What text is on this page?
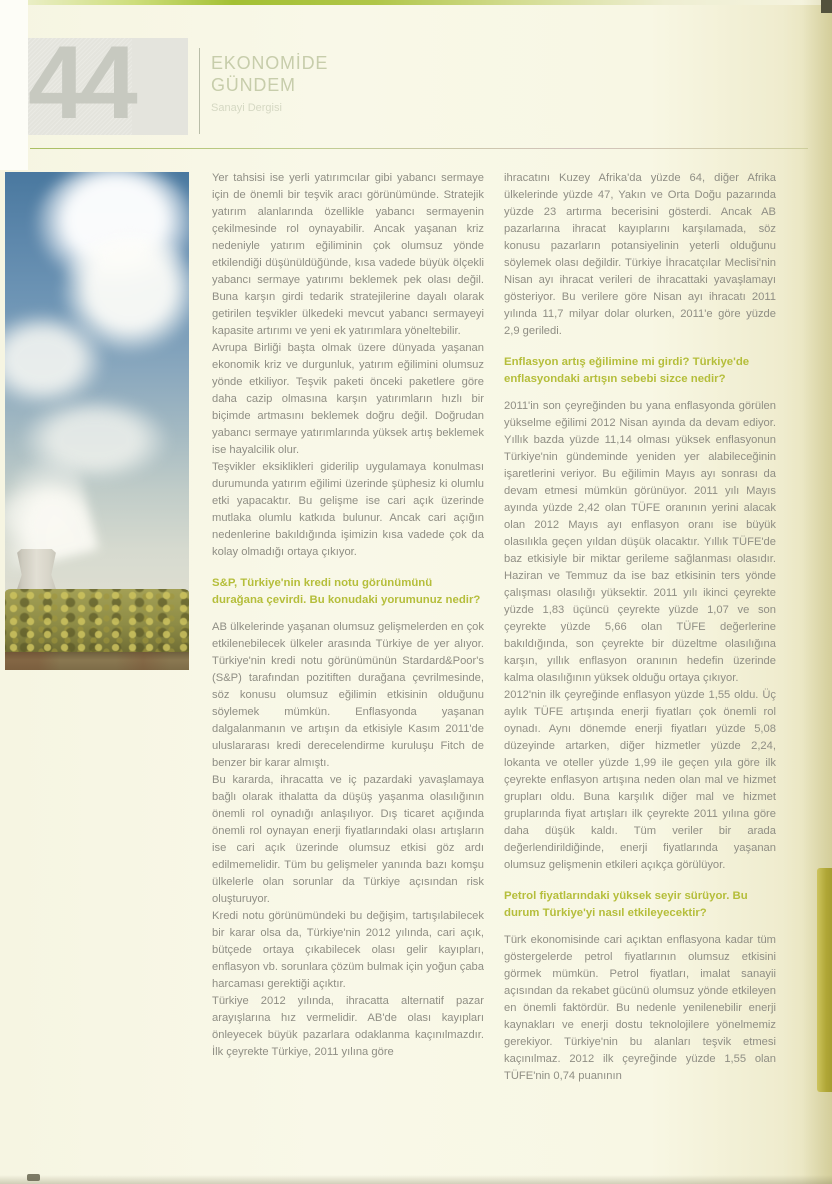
44	EKONOMİDE
GÜNDEM
Sanayi Dergisi

Yer tahsisi ise yerli yatırımcılar gibi yabancı sermaye için de önemli bir teşvik aracı görünümünde. Stratejik yatırım alanlarında özellikle yabancı sermayenin çekilmesinde rol oynayabilir. Ancak yaşanan kriz nedeniyle yatırım eğiliminin çok olumsuz yönde etkilendiği düşünüldüğünde, kısa vadede büyük ölçekli yabancı sermaye yatırımı beklemek pek olası değil. Buna karşın girdi tedarik stratejilerine dayalı olarak getirilen teşvikler ülkedeki mevcut yabancı sermayeyi kapasite artırımı ve yeni ek yatırımlara yöneltebilir.

Avrupa Birliği başta olmak üzere dünyada yaşanan ekonomik kriz ve durgunluk, yatırım eğilimini olumsuz yönde etkiliyor. Teşvik paketi önceki paketlere göre daha cazip olmasına karşın yatırımların hızlı bir biçimde artmasını beklemek doğru değil. Doğrudan yabancı sermaye yatırımlarında yüksek artış beklemek ise hayalcilik olur.

Teşvikler eksiklikleri giderilip uygulamaya konulması durumunda yatırım eğilimi üzerinde şüphesiz ki olumlu etki yapacaktır. Bu gelişme ise cari açık üzerinde mutlaka olumlu katkıda bulunur. Ancak cari açığın nedenlerine bakıldığında işimizin kısa vadede çok da kolay olmadığı ortaya çıkıyor.

S&P, Türkiye'nin kredi notu görünümünü durağana çevirdi. Bu konudaki yorumunuz nedir?

AB ülkelerinde yaşanan olumsuz gelişmelerden en çok etkilenebilecek ülkeler arasında Türkiye de yer alıyor. Türkiye'nin kredi notu görünümünün Stardard&Poor's (S&P) tarafından pozitiften durağana çevrilmesinde, söz konusu olumsuz eğilimin etkisinin olduğunu söylemek mümkün. Enflasyonda yaşanan dalgalanmanın ve artışın da etkisiyle Kasım 2011'de uluslararası kredi derecelendirme kuruluşu Fitch de benzer bir karar almıştı.

Bu kararda, ihracatta ve iç pazardaki yavaşlamaya bağlı olarak ithalatta da düşüş yaşanma olasılığının önemli rol oynadığı anlaşılıyor. Dış ticaret açığında önemli rol oynayan enerji fiyatlarındaki olası artışların ise cari açık üzerinde olumsuz etkisi göz ardı edilmemelidir. Tüm bu gelişmeler yanında bazı komşu ülkelerle olan sorunlar da Türkiye açısından risk oluşturuyor.

Kredi notu görünümündeki bu değişim, tartışılabilecek bir karar olsa da, Türkiye'nin 2012 yılında, cari açık, bütçede ortaya çıkabilecek olası gelir kayıpları, enflasyon vb. sorunlara çözüm bulmak için yoğun çaba harcaması gerektiği açıktır.

Türkiye 2012 yılında, ihracatta alternatif pazar arayışlarına hız vermelidir. AB'de olası kayıpları önleyecek büyük pazarlara odaklanma kaçınılmazdır. İlk çeyrekte Türkiye, 2011 yılına göre

ihracatını Kuzey Afrika'da yüzde 64, diğer Afrika ülkelerinde yüzde 47, Yakın ve Orta Doğu pazarında yüzde 23 artırma becerisini gösterdi. Ancak AB pazarlarına ihracat kayıplarını karşılamada, söz konusu pazarların potansiyelinin yeterli olduğunu söylemek olası değildir. Türkiye İhracatçılar Meclisi'nin Nisan ayı ihracat verileri de ihracattaki yavaşlamayı gösteriyor. Bu verilere göre Nisan ayı ihracatı 2011 yılında 11,7 milyar dolar olurken, 2011'e göre yüzde 2,9 geriledi.

Enflasyon artış eğilimine mi girdi? Türkiye'de enflasyondaki artışın sebebi sizce nedir?

2011'in son çeyreğinden bu yana enflasyonda görülen yükselme eğilimi 2012 Nisan ayında da devam ediyor. Yıllık bazda yüzde 11,14 olması yüksek enflasyonun Türkiye'nin gündeminde yeniden yer alabileceğinin işaretlerini veriyor. Bu eğilimin Mayıs ayı sonrası da devam etmesi mümkün görünüyor. 2011 yılı Mayıs ayında yüzde 2,42 olan TÜFE oranının yerini alacak olan 2012 Mayıs ayı enflasyon oranı ise büyük olasılıkla geçen yıldan düşük olacaktır. Yıllık TÜFE'de baz etkisiyle bir miktar gerileme sağlanması olasıdır. Haziran ve Temmuz da ise baz etkisinin ters yönde çalışması olasılığı yüksektir. 2011 yılı ikinci çeyrekte yüzde 1,83 üçüncü çeyrekte yüzde 1,07 ve son çeyrekte yüzde 5,66 olan TÜFE değerlerine bakıldığında, son çeyrekte bir düzeltme olasılığına karşın, yıllık enflasyon oranının hedefin üzerinde kalma olasılığının yüksek olduğu ortaya çıkıyor.

2012'nin ilk çeyreğinde enflasyon yüzde 1,55 oldu. Üç aylık TÜFE artışında enerji fiyatları çok önemli rol oynadı. Aynı dönemde enerji fiyatları yüzde 5,08 düzeyinde artarken, diğer hizmetler yüzde 2,24, lokanta ve oteller yüzde 1,99 ile geçen yıla göre ilk çeyrekte enflasyon artışına neden olan mal ve hizmet grupları oldu. Buna karşılık diğer mal ve hizmet gruplarında fiyat artışları ilk çeyrekte 2011 yılına göre daha düşük kaldı. Tüm veriler bir arada değerlendirildiğinde, enerji fiyatlarında yaşanan olumsuz gelişmenin etkileri açıkça görülüyor.

Petrol fiyatlarındaki yüksek seyir sürüyor. Bu durum Türkiye'yi nasıl etkileyecektir?

Türk ekonomisinde cari açıktan enflasyona kadar tüm göstergelerde petrol fiyatlarının olumsuz etkisini görmek mümkün. Petrol fiyatları, imalat sanayii açısından da rekabet gücünü olumsuz yönde etkileyen en önemli faktördür. Bu nedenle yenilenebilir enerji kaynakları ve enerji dostu teknolojilere yönelmemiz gerekiyor. Türkiye'nin bu alanları teşvik etmesi kaçınılmaz. 2012 ilk çeyreğinde yüzde 1,55 olan TÜFE'nin 0,74 puanının
